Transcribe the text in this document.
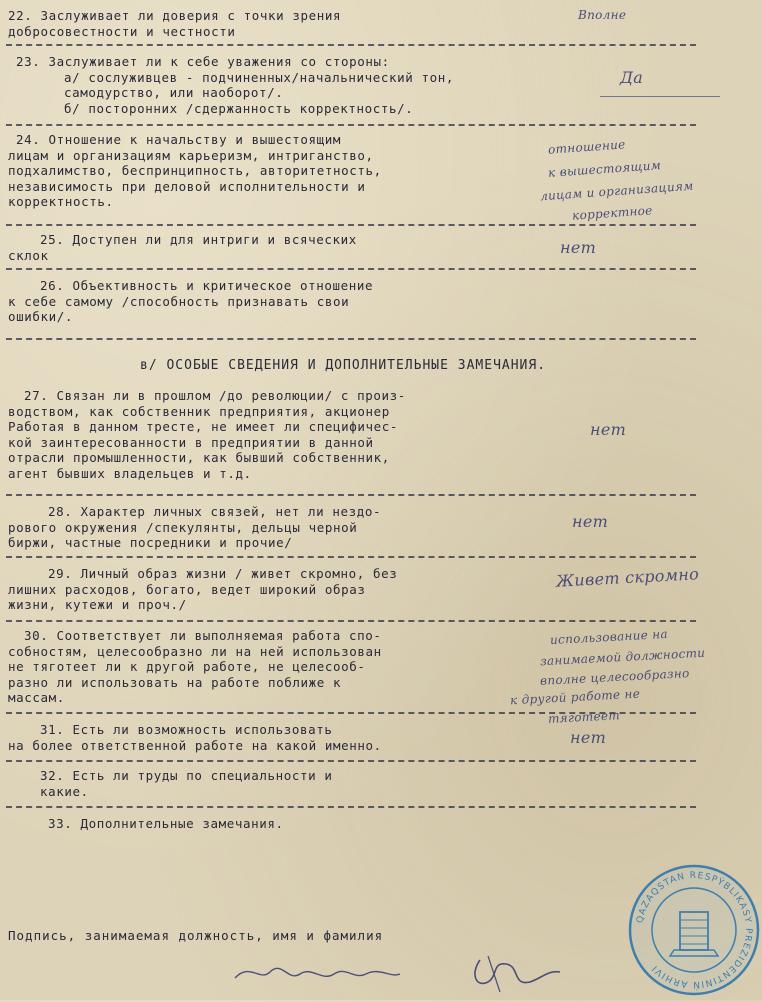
22. Заслуживает ли доверия с точки зрения
добросовестности и честности
Вполне
23. Заслуживает ли к себе уважения со стороны:
а/ сослуживцев - подчиненных/начальнический тон,
самодурство, или наоборот/.
б/ посторонних /сдержанность корректность/.
Да
24. Отношение к начальству и вышестоящим
лицам и организациям карьеризм, интриганство,
подхалимство, беспринципность, авторитетность,
независимость при деловой исполнительности и
корректность.
отношение
к вышестоящим
лицам и организациям
корректное
25. Доступен ли для интриги и всяческих
склок	нет
26. Объективность и критическое отношение
к себе самому /способность признавать свои
ошибки/.
в/ ОСОБЫЕ СВЕДЕНИЯ И ДОПОЛНИТЕЛЬНЫЕ ЗАМЕЧАНИЯ.
27. Связан ли в прошлом /до революции/ с произ-
водством, как собственник предприятия, акционер
Работая в данном тресте, не имеет ли специфичес-
кой заинтересованности в предприятии в данной
отрасли промышленности, как бывший собственник,
агент бывших владельцев и т.д.
нет
28. Характер личных связей, нет ли нездо-
рового окружения /спекулянты, дельцы черной
биржи, частные посредники и прочие/
нет
29. Личный образ жизни / живет скромно, без
лишних расходов, богато, ведет широкий образ
жизни, кутежи и проч./
Живет скромно
30. Соответствует ли выполняемая работа спо-
собностям, целесообразно ли на ней использован
не тяготеет ли к другой работе, не целесооб-
разно ли использовать на работе поближе к
массам.
использование на
занимаемой должности
вполне целесообразно
к другой работе не
тяготеет
31. Есть ли возможность использовать
на более ответственной работе на какой именно.	нет
32. Есть ли труды по специальности и
какие.
33. Дополнительные замечания.
Подпись, занимаемая должность, имя и фамилия
QAZAQSTAN RESPÝBLIKASY PREZIDENTINIŃ ARHIVI
